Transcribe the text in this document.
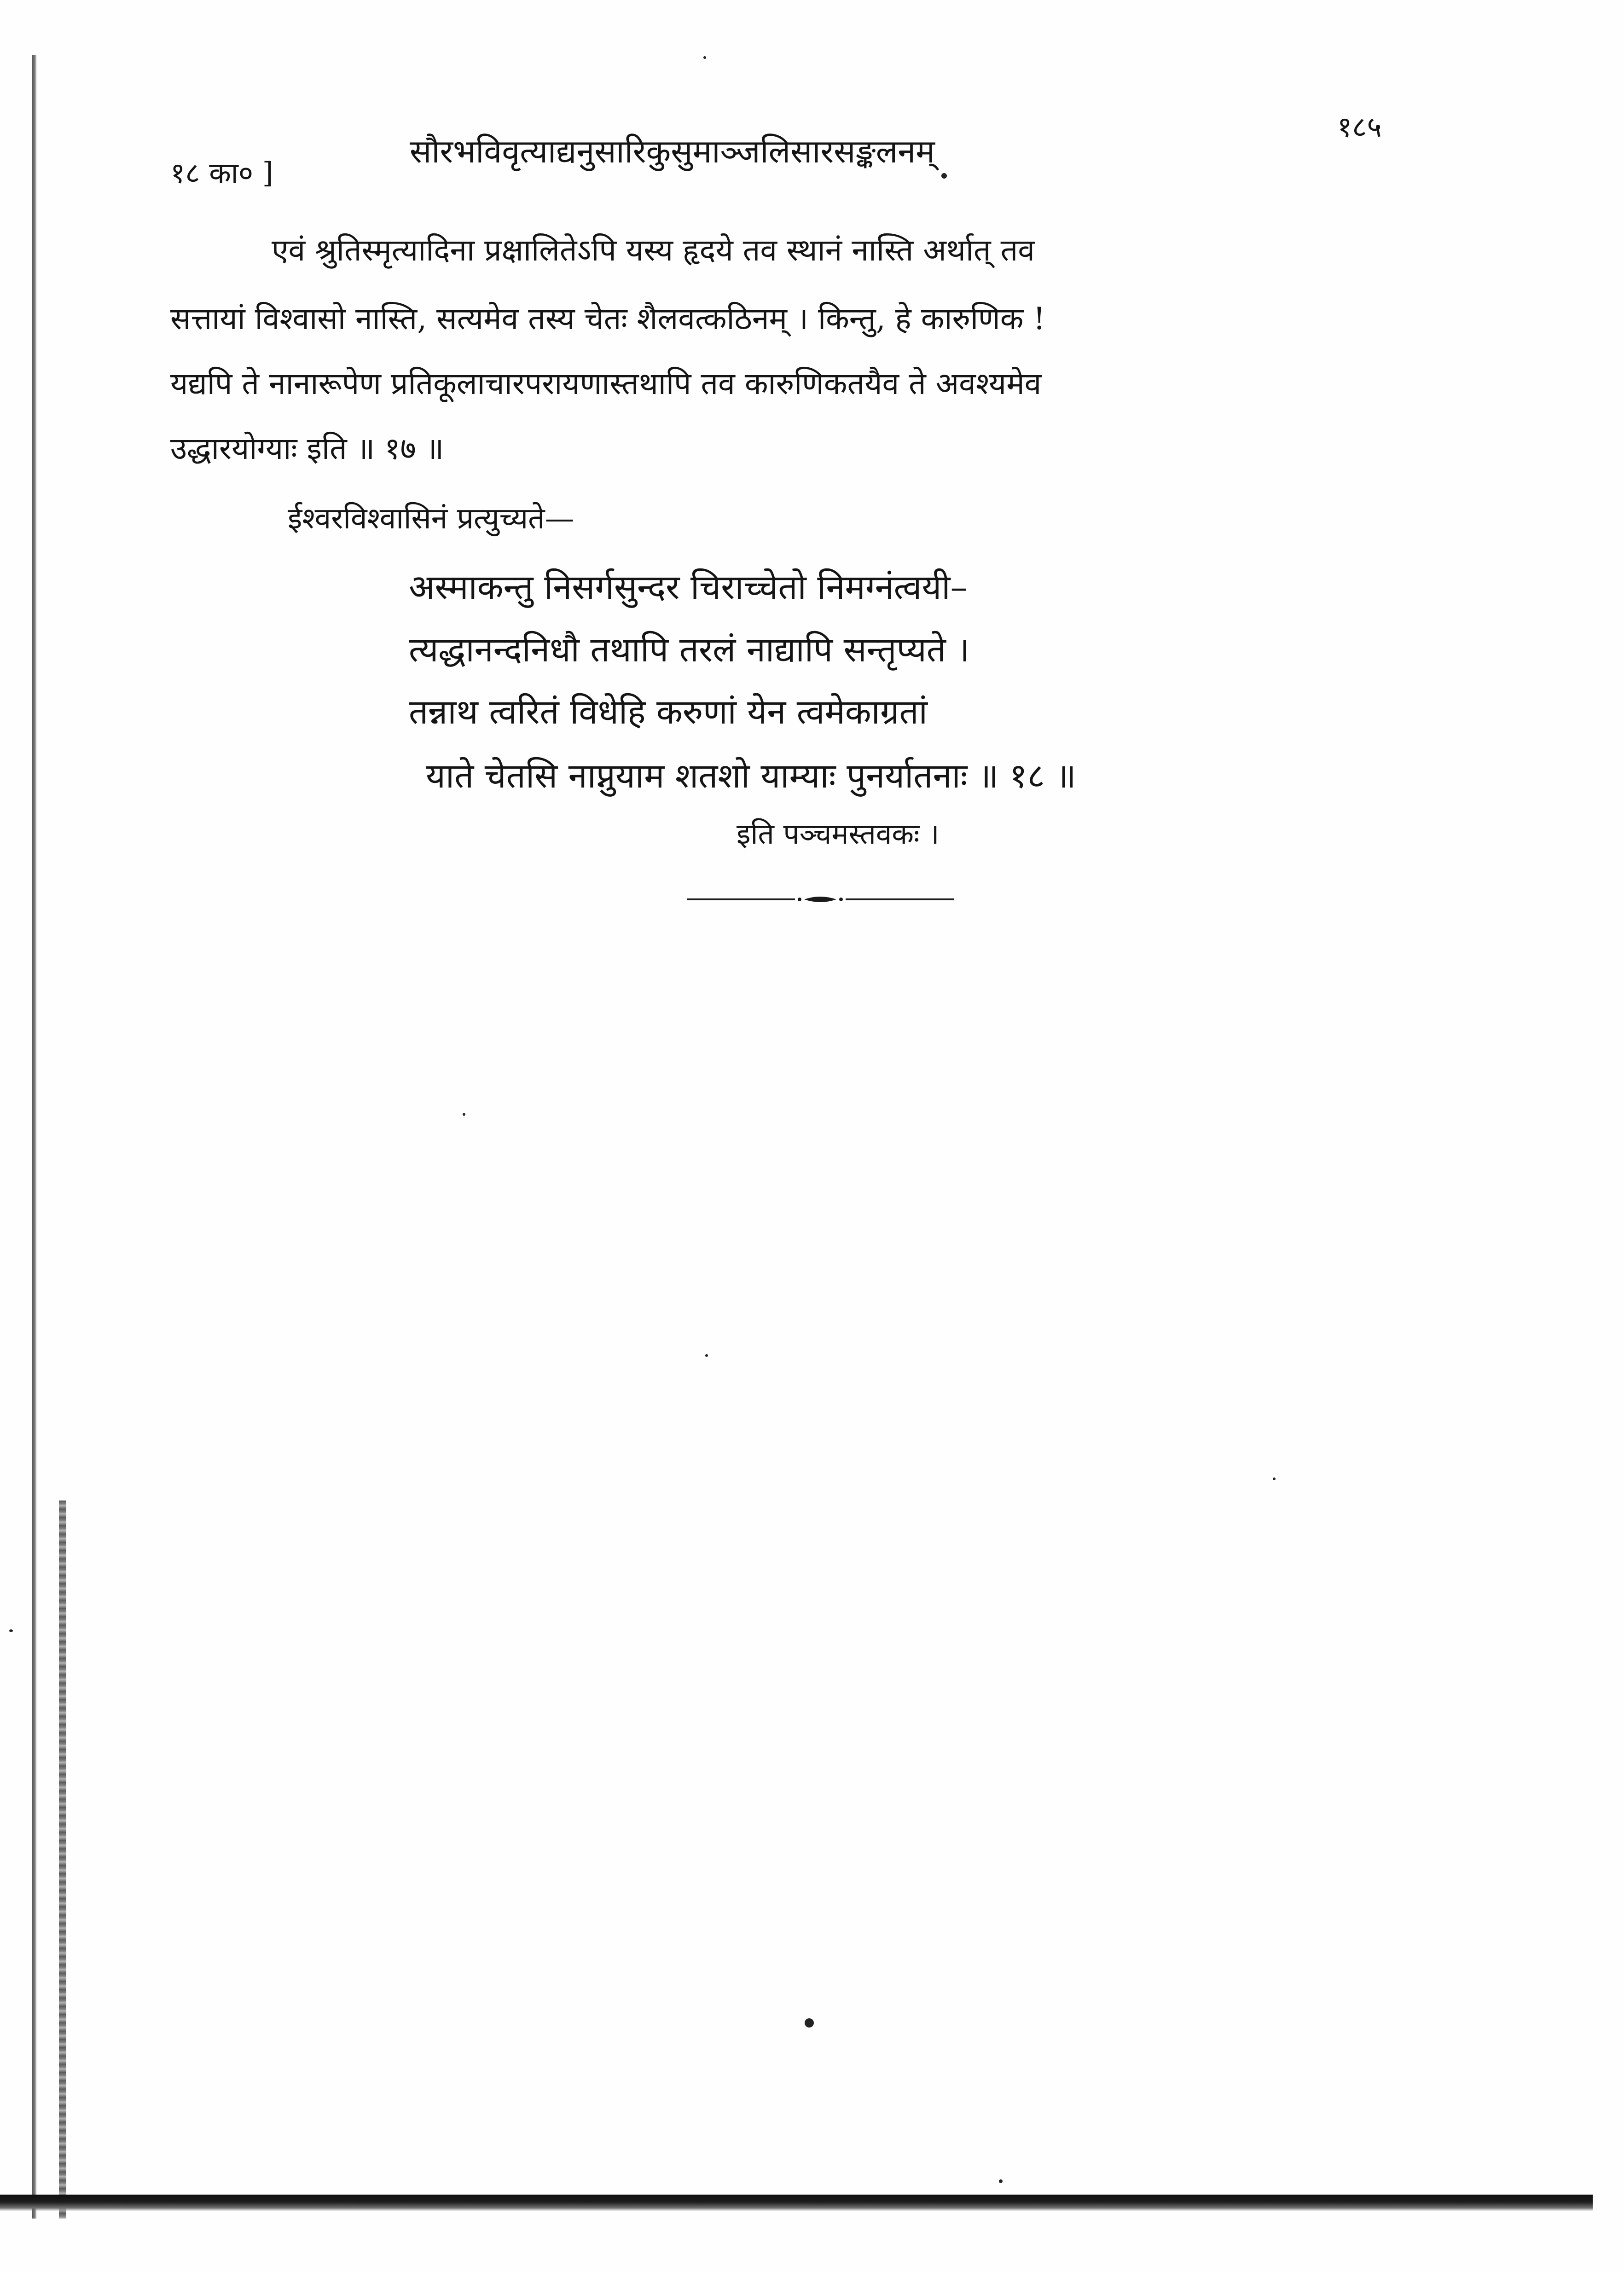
१८ का० ]
सौरभविवृत्याद्यनुसारिकुसुमाञ्जलिसारसङ्कलनम्
१८५
एवं श्रुतिस्मृत्यादिना प्रक्षालितेऽपि यस्य हृदये तव स्थानं नास्ति अर्थात् तव
सत्तायां विश्वासो नास्ति, सत्यमेव तस्य चेतः शैलवत्कठिनम् । किन्तु, हे कारुणिक !
यद्यपि ते नानारूपेण प्रतिकूलाचारपरायणास्तथापि तव कारुणिकतयैव ते अवश्यमेव
उद्धारयोग्याः इति ॥ १७ ॥
ईश्वरविश्वासिनं प्रत्युच्यते—
अस्माकन्तु निसर्गसुन्दर चिराच्चेतो निमग्नंत्वयी–
त्यद्धानन्दनिधौ तथापि तरलं नाद्यापि सन्तृप्यते ।
तन्नाथ त्वरितं विधेहि करुणां येन त्वमेकाग्रतां
याते चेतसि नाप्नुयाम शतशो याम्याः पुनर्यातनाः ॥ १८ ॥
इति पञ्चमस्तवकः ।
